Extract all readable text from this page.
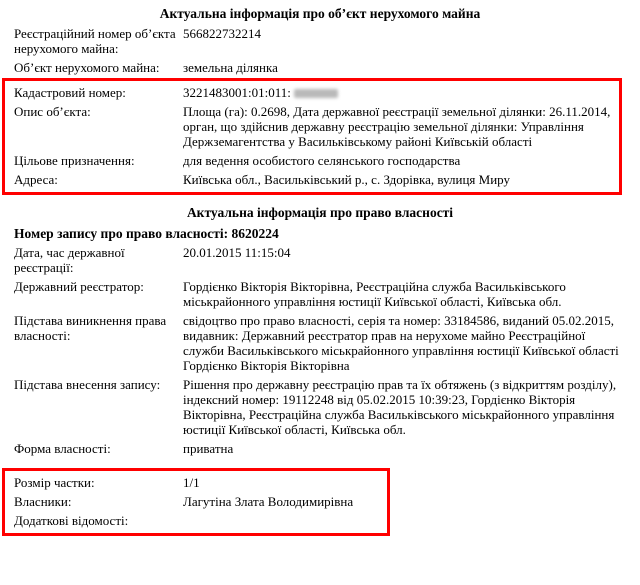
Актуальна інформація про об’єкт нерухомого майна
Реєстраційний номер об’єкта нерухомого майна:
566822732214
Об’єкт нерухомого майна:	земельна ділянка
Кадастровий номер:	3221483001:01:011:
Опис об’єкта:	Площа (га): 0.2698, Дата державної реєстрації земельної ділянки: 26.11.2014, орган, що здійснив державну реєстрацію земельної ділянки: Управління Держземагентства у Васильківському районі Київській області
Цільове призначення:	для ведення особистого селянського господарства
Адреса:	Київська обл., Васильківський р., с. Здорівка, вулиця Миру
Актуальна інформація про право власності
Номер запису про право власності: 8620224
Дата, час державної реєстрації:
20.01.2015 11:15:04
Державний реєстратор:	Гордієнко Вікторія Вікторівна, Реєстраційна служба Васильківського міськрайонного управління юстиції Київської області, Київська обл.
Підстава виникнення права власності:
свідоцтво про право власності, серія та номер: 33184586, виданий 05.02.2015, видавник: Державний реєстратор прав на нерухоме майно Реєстраційної служби Васильківського міськрайонного управління юстиції Київської області Гордієнко Вікторія Вікторівна
Підстава внесення запису:	Рішення про державну реєстрацію прав та їх обтяжень (з відкриттям розділу), індексний номер: 19112248 від 05.02.2015 10:39:23, Гордієнко Вікторія Вікторівна, Реєстраційна служба Васильківського міськрайонного управління юстиції Київської області, Київська обл.
Форма власності:	приватна
Розмір частки:	1/1
Власники:	Лагутіна Злата Володимирівна
Додаткові відомості:
